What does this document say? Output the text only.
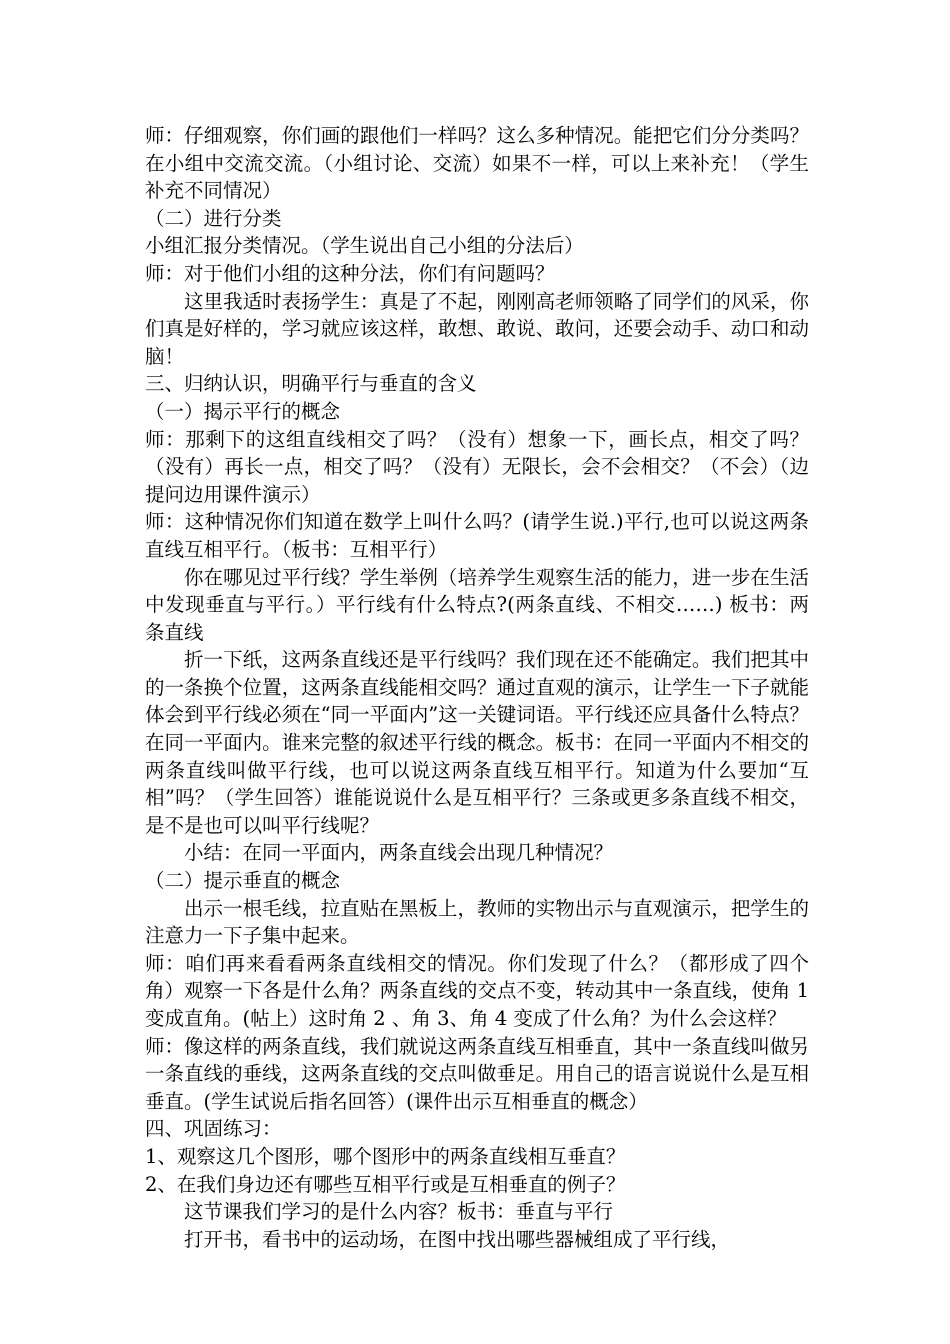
师：仔细观察，你们画的跟他们一样吗？这么多种情况。能把它们分分类吗？在小组中交流交流。（小组讨论、交流）如果不一样，可以上来补充！（学生补充不同情况）

（二）进行分类

小组汇报分类情况。（学生说出自己小组的分法后）

师：对于他们小组的这种分法，你们有问题吗？

这里我适时表扬学生：真是了不起，刚刚高老师领略了同学们的风采，你们真是好样的，学习就应该这样，敢想、敢说、敢问，还要会动手、动口和动脑！

三、归纳认识，明确平行与垂直的含义

（一）揭示平行的概念

师：那剩下的这组直线相交了吗？（没有）想象一下，画长点，相交了吗？（没有）再长一点，相交了吗？（没有）无限长，会不会相交？（不会）（边提问边用课件演示）

师：这种情况你们知道在数学上叫什么吗？(请学生说.)平行,也可以说这两条直线互相平行。（板书：互相平行）

你在哪见过平行线？学生举例（培养学生观察生活的能力，进一步在生活中发现垂直与平行。）平行线有什么特点?(两条直线、不相交……) 板书：两条直线

折一下纸，这两条直线还是平行线吗？我们现在还不能确定。我们把其中的一条换个位置，这两条直线能相交吗？通过直观的演示，让学生一下子就能体会到平行线必须在“同一平面内”这一关键词语。平行线还应具备什么特点？在同一平面内。谁来完整的叙述平行线的概念。板书：在同一平面内不相交的两条直线叫做平行线，也可以说这两条直线互相平行。知道为什么要加“互相”吗？（学生回答）谁能说说什么是互相平行？三条或更多条直线不相交，是不是也可以叫平行线呢？

小结：在同一平面内，两条直线会出现几种情况？

（二）提示垂直的概念

出示一根毛线，拉直贴在黑板上，教师的实物出示与直观演示，把学生的注意力一下子集中起来。

师：咱们再来看看两条直线相交的情况。你们发现了什么？（都形成了四个角）观察一下各是什么角？两条直线的交点不变，转动其中一条直线，使角 1 变成直角。(帖上）这时角 2 、角 3、角 4 变成了什么角？为什么会这样？

师：像这样的两条直线，我们就说这两条直线互相垂直，其中一条直线叫做另一条直线的垂线，这两条直线的交点叫做垂足。用自己的语言说说什么是互相垂直。(学生试说后指名回答）(课件出示互相垂直的概念）

四、巩固练习：

1、观察这几个图形，哪个图形中的两条直线相互垂直？

2、在我们身边还有哪些互相平行或是互相垂直的例子？

这节课我们学习的是什么内容？板书：垂直与平行

打开书，看书中的运动场，在图中找出哪些器械组成了平行线，
